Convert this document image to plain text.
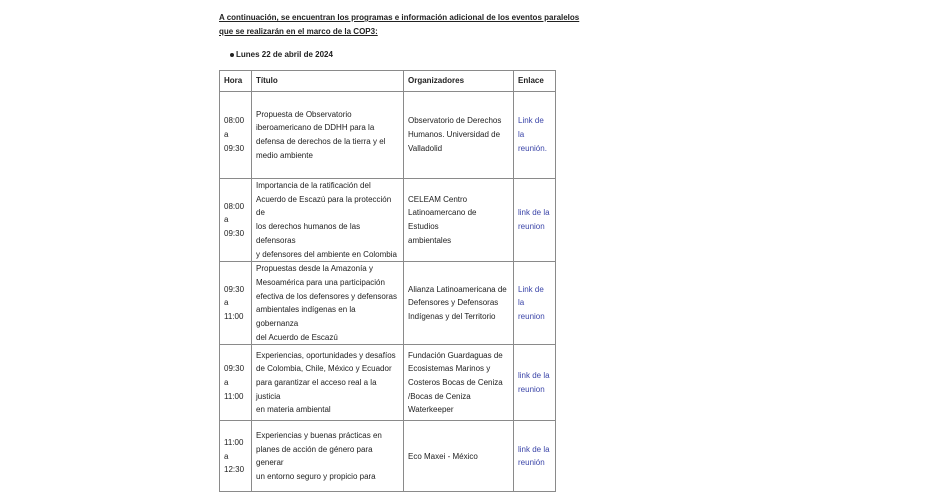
A continuación, se encuentran los programas e información adicional de los eventos paralelos
que se realizarán en el marco de la COP3:

Lunes 22 de abril de 2024
Hora	Título	Organizadores	Enlace
08:00
a
09:30	Propuesta de Observatorio
iberoamericano de DDHH para la
defensa de derechos de la tierra y el
medio ambiente	Observatorio de Derechos
Humanos. Universidad de
Valladolid	Link de
la
reunión.
08:00
a
09:30	Importancia de la ratificación del
Acuerdo de Escazú para la protección de
los derechos humanos de las defensoras
y defensores del ambiente en Colombia	CELEAM Centro
Latinoamercano de Estudios
ambientales	link de la
reunion
09:30
a
11:00	Propuestas desde la Amazonía y
Mesoamérica para una participación
efectiva de los defensores y defensoras
ambientales indígenas en la gobernanza
del Acuerdo de Escazú	Alianza Latinoamericana de
Defensores y Defensoras
Indígenas y del Territorio	Link de
la
reunion
09:30
a
11:00	Experiencias, oportunidades y desafíos
de Colombia, Chile, México y Ecuador
para garantizar el acceso real a la justicia
en materia ambiental	Fundación Guardaguas de
Ecosistemas Marinos y
Costeros Bocas de Ceniza
/Bocas de Ceniza
Waterkeeper	link de la
reunion
11:00
a
12:30	Experiencias y buenas prácticas en
planes de acción de género para generar
un entorno seguro y propicio para	Eco Maxei - México	link de la
reunión
